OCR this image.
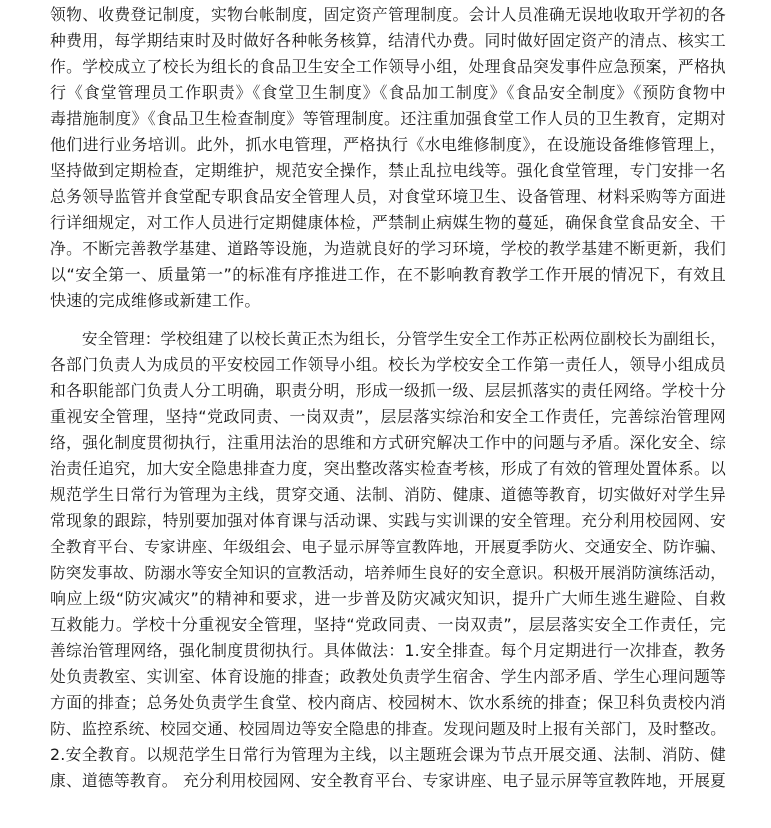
领物、收费登记制度，实物台帐制度，固定资产管理制度。会计人员准确无误地收取开学初的各
种费用，每学期结束时及时做好各种帐务核算，结清代办费。同时做好固定资产的清点、核实工
作。学校成立了校长为组长的食品卫生安全工作领导小组，处理食品突发事件应急预案，严格执
行《食堂管理员工作职责》《食堂卫生制度》《食品加工制度》《食品安全制度》《预防食物中
毒措施制度》《食品卫生检查制度》等管理制度。还注重加强食堂工作人员的卫生教育，定期对
他们进行业务培训。此外，抓水电管理，严格执行《水电维修制度》，在设施设备维修管理上，
坚持做到定期检查，定期维护，规范安全操作，禁止乱拉电线等。强化食堂管理，专门安排一名
总务领导监管并食堂配专职食品安全管理人员，对食堂环境卫生、设备管理、材料采购等方面进
行详细规定，对工作人员进行定期健康体检，严禁制止病媒生物的蔓延，确保食堂食品安全、干
净。不断完善教学基建、道路等设施，为造就良好的学习环境，学校的教学基建不断更新，我们
以“安全第一、质量第一”的标准有序推进工作，在不影响教育教学工作开展的情况下，有效且
快速的完成维修或新建工作。
安全管理：学校组建了以校长黄正杰为组长，分管学生安全工作苏正松两位副校长为副组长，
各部门负责人为成员的平安校园工作领导小组。校长为学校安全工作第一责任人，领导小组成员
和各职能部门负责人分工明确，职责分明，形成一级抓一级、层层抓落实的责任网络。学校十分
重视安全管理，坚持“党政同责、一岗双责”，层层落实综治和安全工作责任，完善综治管理网
络，强化制度贯彻执行，注重用法治的思维和方式研究解决工作中的问题与矛盾。深化安全、综
治责任追究，加大安全隐患排查力度，突出整改落实检查考核，形成了有效的管理处置体系。以
规范学生日常行为管理为主线，贯穿交通、法制、消防、健康、道德等教育，切实做好对学生异
常现象的跟踪，特别要加强对体育课与活动课、实践与实训课的安全管理。充分利用校园网、安
全教育平台、专家讲座、年级组会、电子显示屏等宣教阵地，开展夏季防火、交通安全、防诈骗、
防突发事故、防溺水等安全知识的宣教活动，培养师生良好的安全意识。积极开展消防演练活动，
响应上级“防灾减灾”的精神和要求，进一步普及防灾减灾知识，提升广大师生逃生避险、自救
互救能力。学校十分重视安全管理，坚持“党政同责、一岗双责”，层层落实安全工作责任，完
善综治管理网络，强化制度贯彻执行。具体做法：1.安全排查。每个月定期进行一次排查，教务
处负责教室、实训室、体育设施的排查；政教处负责学生宿舍、学生内部矛盾、学生心理问题等
方面的排查；总务处负责学生食堂、校内商店、校园树木、饮水系统的排查；保卫科负责校内消
防、监控系统、校园交通、校园周边等安全隐患的排查。发现问题及时上报有关部门，及时整改。
2.安全教育。以规范学生日常行为管理为主线，以主题班会课为节点开展交通、法制、消防、健
康、道德等教育。 充分利用校园网、安全教育平台、专家讲座、电子显示屏等宣教阵地，开展夏
